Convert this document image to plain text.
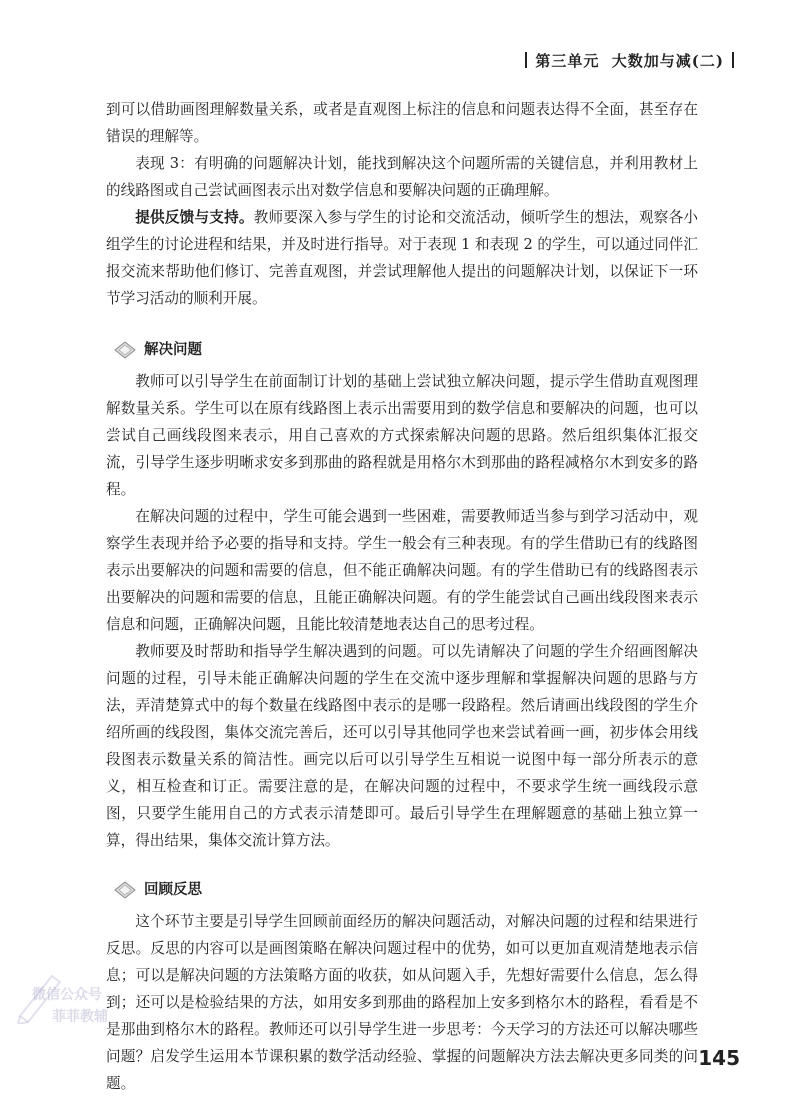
第三单元 大数加与减(二)

到可以借助画图理解数量关系，或者是直观图上标注的信息和问题表达得不全面，甚至存在错误的理解等。

表现 3：有明确的问题解决计划，能找到解决这个问题所需的关键信息，并利用教材上的线路图或自己尝试画图表示出对数学信息和要解决问题的正确理解。

提供反馈与支持。教师要深入参与学生的讨论和交流活动，倾听学生的想法，观察各小组学生的讨论进程和结果，并及时进行指导。对于表现 1 和表现 2 的学生，可以通过同伴汇报交流来帮助他们修订、完善直观图，并尝试理解他人提出的问题解决计划，以保证下一环节学习活动的顺利开展。

解决问题

教师可以引导学生在前面制订计划的基础上尝试独立解决问题，提示学生借助直观图理解数量关系。学生可以在原有线路图上表示出需要用到的数学信息和要解决的问题，也可以尝试自己画线段图来表示，用自己喜欢的方式探索解决问题的思路。然后组织集体汇报交流，引导学生逐步明晰求安多到那曲的路程就是用格尔木到那曲的路程减格尔木到安多的路程。

在解决问题的过程中，学生可能会遇到一些困难，需要教师适当参与到学习活动中，观察学生表现并给予必要的指导和支持。学生一般会有三种表现。有的学生借助已有的线路图表示出要解决的问题和需要的信息，但不能正确解决问题。有的学生借助已有的线路图表示出要解决的问题和需要的信息，且能正确解决问题。有的学生能尝试自己画出线段图来表示信息和问题，正确解决问题，且能比较清楚地表达自己的思考过程。

教师要及时帮助和指导学生解决遇到的问题。可以先请解决了问题的学生介绍画图解决问题的过程，引导未能正确解决问题的学生在交流中逐步理解和掌握解决问题的思路与方法，弄清楚算式中的每个数量在线路图中表示的是哪一段路程。然后请画出线段图的学生介绍所画的线段图，集体交流完善后，还可以引导其他同学也来尝试着画一画，初步体会用线段图表示数量关系的简洁性。画完以后可以引导学生互相说一说图中每一部分所表示的意义，相互检查和订正。需要注意的是，在解决问题的过程中，不要求学生统一画线段示意图，只要学生能用自己的方式表示清楚即可。最后引导学生在理解题意的基础上独立算一算，得出结果，集体交流计算方法。

回顾反思

这个环节主要是引导学生回顾前面经历的解决问题活动，对解决问题的过程和结果进行反思。反思的内容可以是画图策略在解决问题过程中的优势，如可以更加直观清楚地表示信息；可以是解决问题的方法策略方面的收获，如从问题入手，先想好需要什么信息，怎么得到；还可以是检验结果的方法，如用安多到那曲的路程加上安多到格尔木的路程，看看是不是那曲到格尔木的路程。教师还可以引导学生进一步思考：今天学习的方法还可以解决哪些问题？启发学生运用本节课积累的数学活动经验、掌握的问题解决方法去解决更多同类的问题。

微信公众号
菲菲教辅
145
